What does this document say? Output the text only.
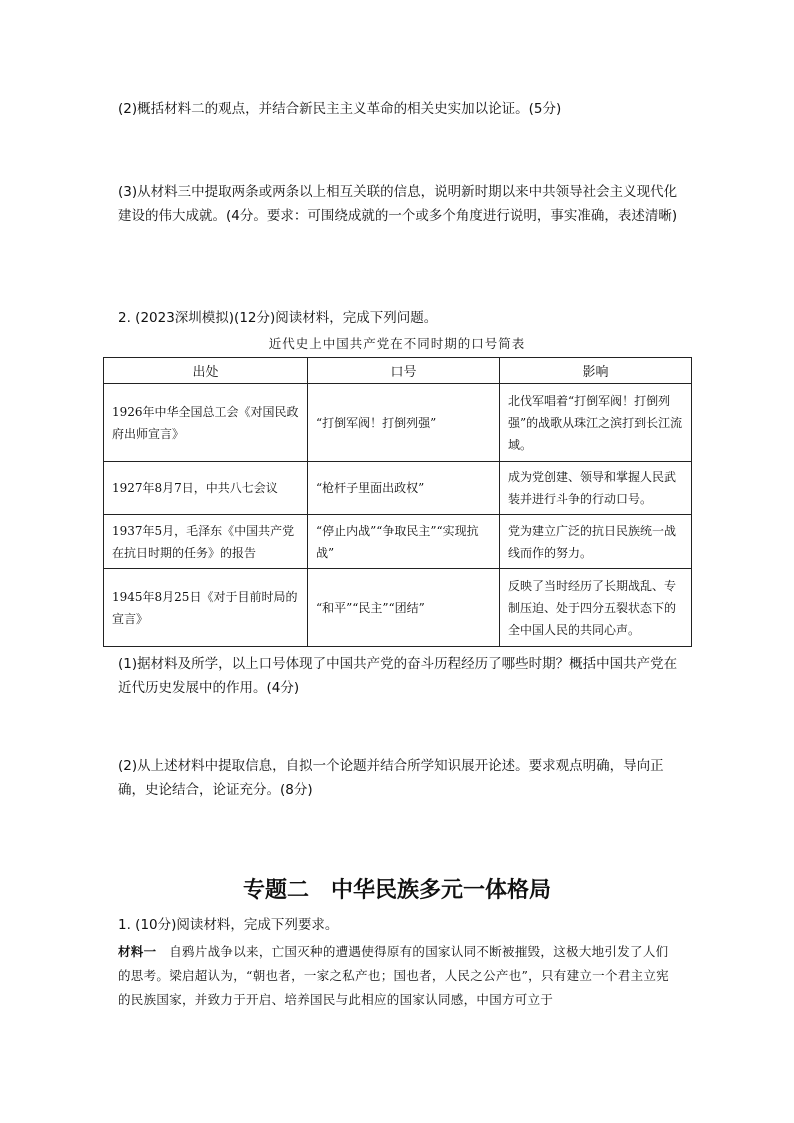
(2)概括材料二的观点，并结合新民主主义革命的相关史实加以论证。(5分)
(3)从材料三中提取两条或两条以上相互关联的信息，说明新时期以来中共领导社会主义现代化建设的伟大成就。(4分。要求：可围绕成就的一个或多个角度进行说明，事实准确，表述清晰)
2. (2023深圳模拟)(12分)阅读材料，完成下列问题。
近代史上中国共产党在不同时期的口号简表
出处	口号	影响
1926年中华全国总工会《对国民政府出师宣言》	“打倒军阀！打倒列强”	北伐军唱着“打倒军阀！打倒列强”的战歌从珠江之滨打到长江流域。
1927年8月7日，中共八七会议	“枪杆子里面出政权”	成为党创建、领导和掌握人民武装并进行斗争的行动口号。
1937年5月，毛泽东《中国共产党在抗日时期的任务》的报告	“停止内战”“争取民主”“实现抗战”	党为建立广泛的抗日民族统一战线而作的努力。
1945年8月25日《对于目前时局的宣言》	“和平”“民主”“团结”	反映了当时经历了长期战乱、专制压迫、处于四分五裂状态下的全中国人民的共同心声。
(1)据材料及所学，以上口号体现了中国共产党的奋斗历程经历了哪些时期？概括中国共产党在近代历史发展中的作用。(4分)
(2)从上述材料中提取信息，自拟一个论题并结合所学知识展开论述。要求观点明确，导向正确，史论结合，论证充分。(8分)
专题二　中华民族多元一体格局
1. (10分)阅读材料，完成下列要求。
材料一　 自鸦片战争以来，亡国灭种的遭遇使得原有的国家认同不断被摧毁，这极大地引发了人们的思考。梁启超认为，“朝也者，一家之私产也；国也者，人民之公产也”，只有建立一个君主立宪的民族国家，并致力于开启、培养国民与此相应的国家认同感，中国方可立于
